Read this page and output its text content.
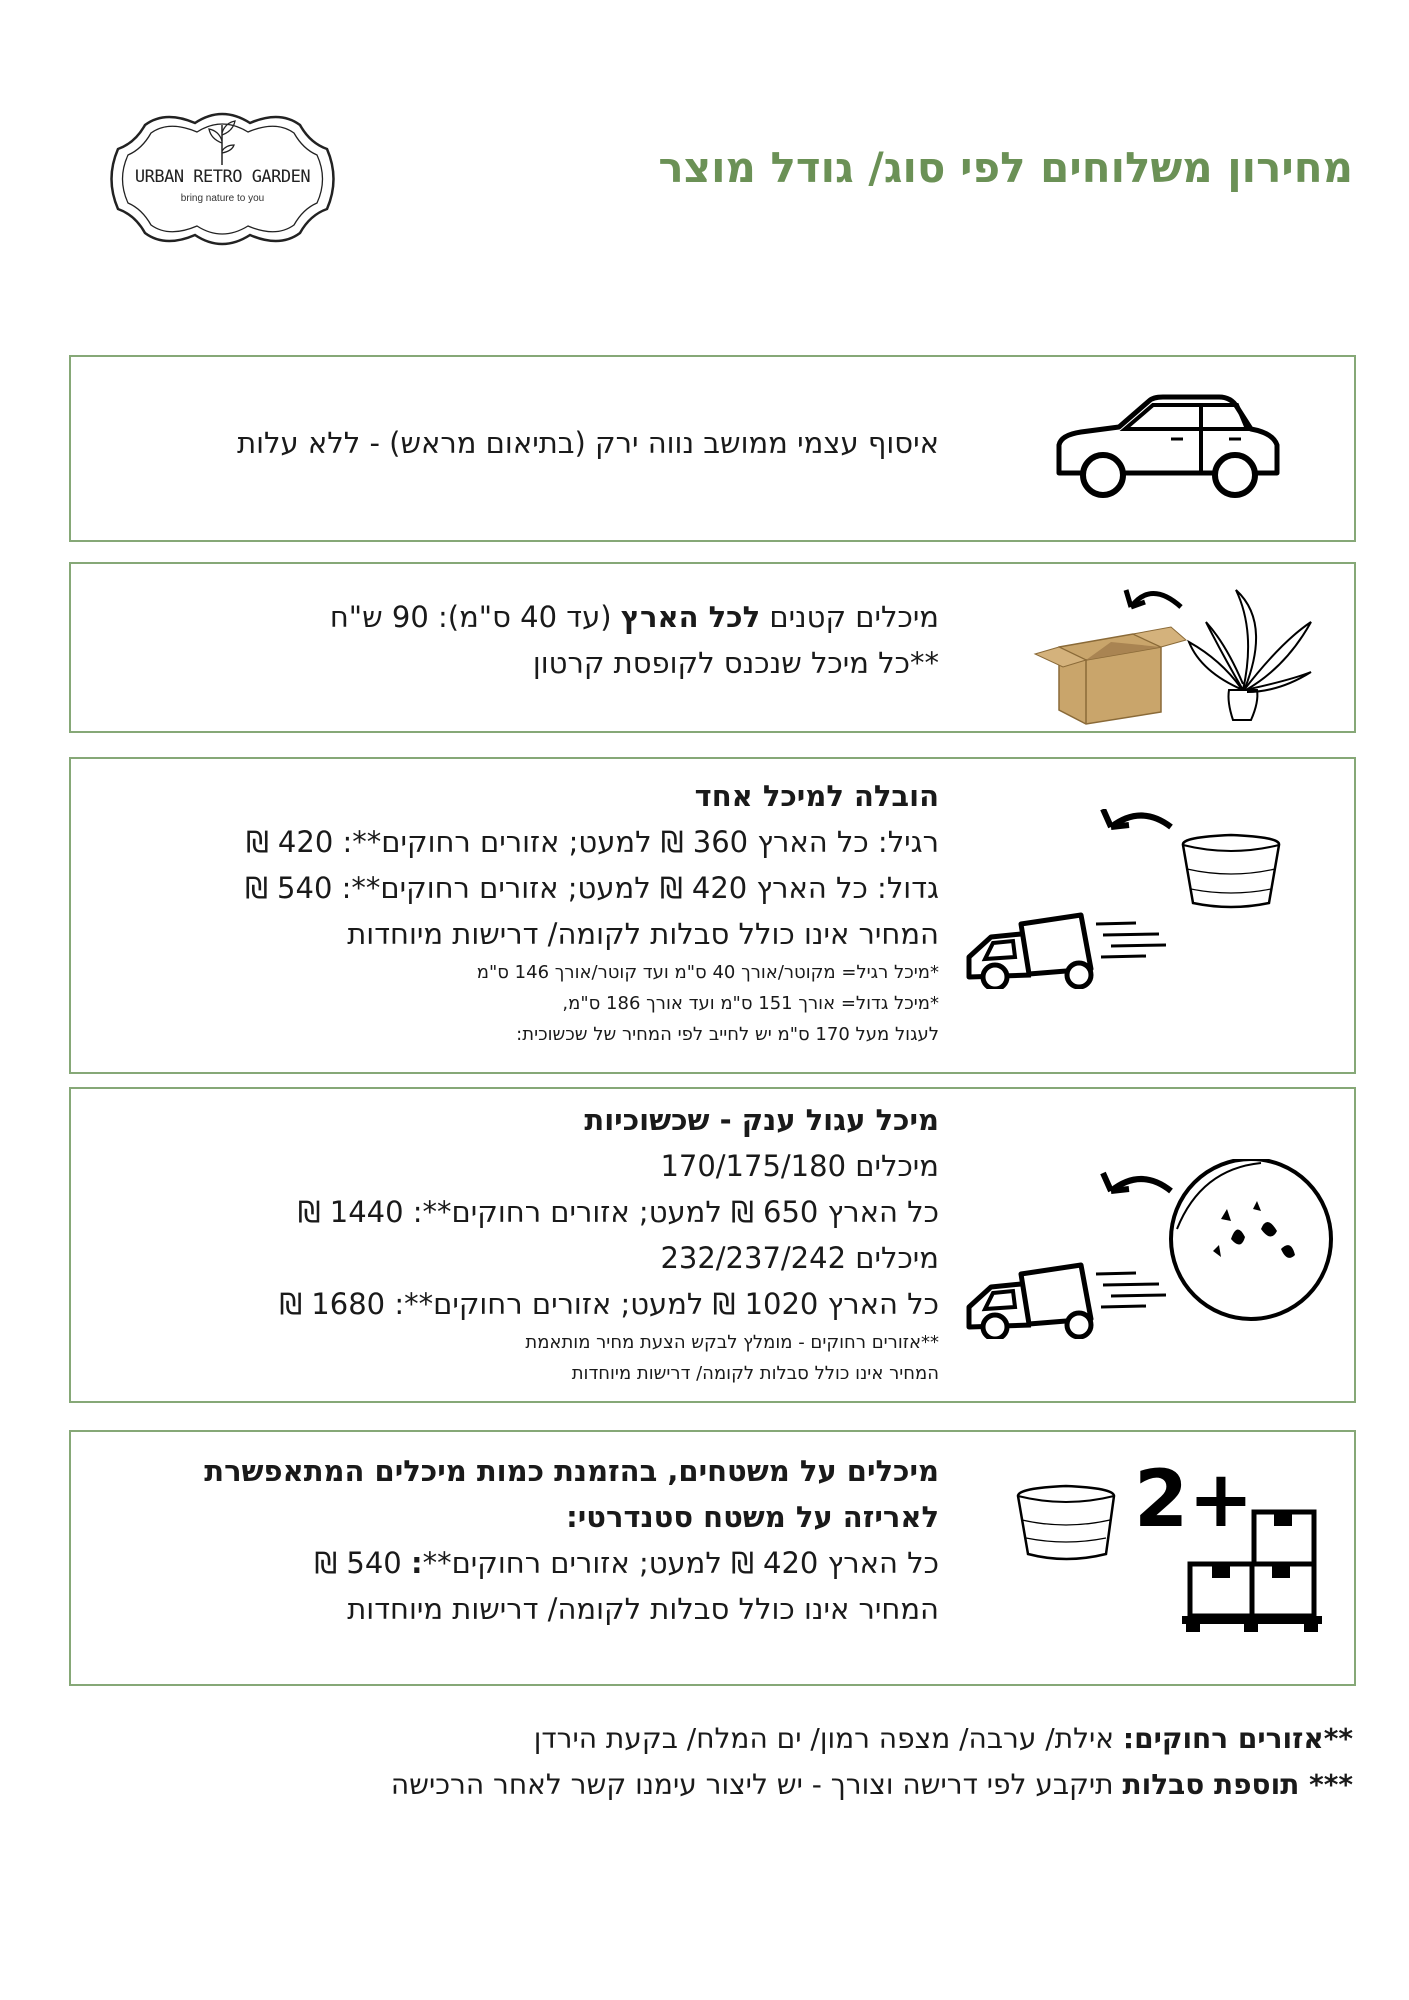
URBAN RETRO GARDEN
bring nature to you
מחירון משלוחים לפי סוג/ גודל מוצר
איסוף עצמי ממושב נווה ירק (בתיאום מראש) - ללא עלות
מיכלים קטנים לכל הארץ (עד 40 ס"מ): 90 ש"ח
**כל מיכל שנכנס לקופסת קרטון
הובלה למיכל אחד
רגיל: כל הארץ 360 ₪ למעט; אזורים רחוקים**: 420 ₪
גדול: כל הארץ 420 ₪ למעט; אזורים רחוקים**: 540 ₪
המחיר אינו כולל סבלות לקומה/ דרישות מיוחדות
*מיכל רגיל= מקוטר/אורך 40 ס"מ ועד קוטר/אורך 146 ס"מ
*מיכל גדול= אורך 151 ס"מ ועד אורך 186 ס"מ,
לעגול מעל 170 ס"מ יש לחייב לפי המחיר של שכשוכית:
מיכל עגול ענק - שכשוכיות
מיכלים 170/175/180
כל הארץ 650 ₪ למעט; אזורים רחוקים**: 1440 ₪
מיכלים 232/237/242
כל הארץ 1020 ₪ למעט; אזורים רחוקים**: 1680 ₪
**אזורים רחוקים - מומלץ לבקש הצעת מחיר מותאמת
המחיר אינו כולל סבלות לקומה/ דרישות מיוחדות
מיכלים על משטחים, בהזמנת כמות מיכלים המתאפשרת
לאריזה על משטח סטנדרטי:
כל הארץ 420 ₪ למעט; אזורים רחוקים**: 540 ₪
המחיר אינו כולל סבלות לקומה/ דרישות מיוחדות
2+
**אזורים רחוקים: אילת/ ערבה/ מצפה רמון/ ים המלח/ בקעת הירדן
*** תוספת סבלות תיקבע לפי דרישה וצורך - יש ליצור עימנו קשר לאחר הרכישה
